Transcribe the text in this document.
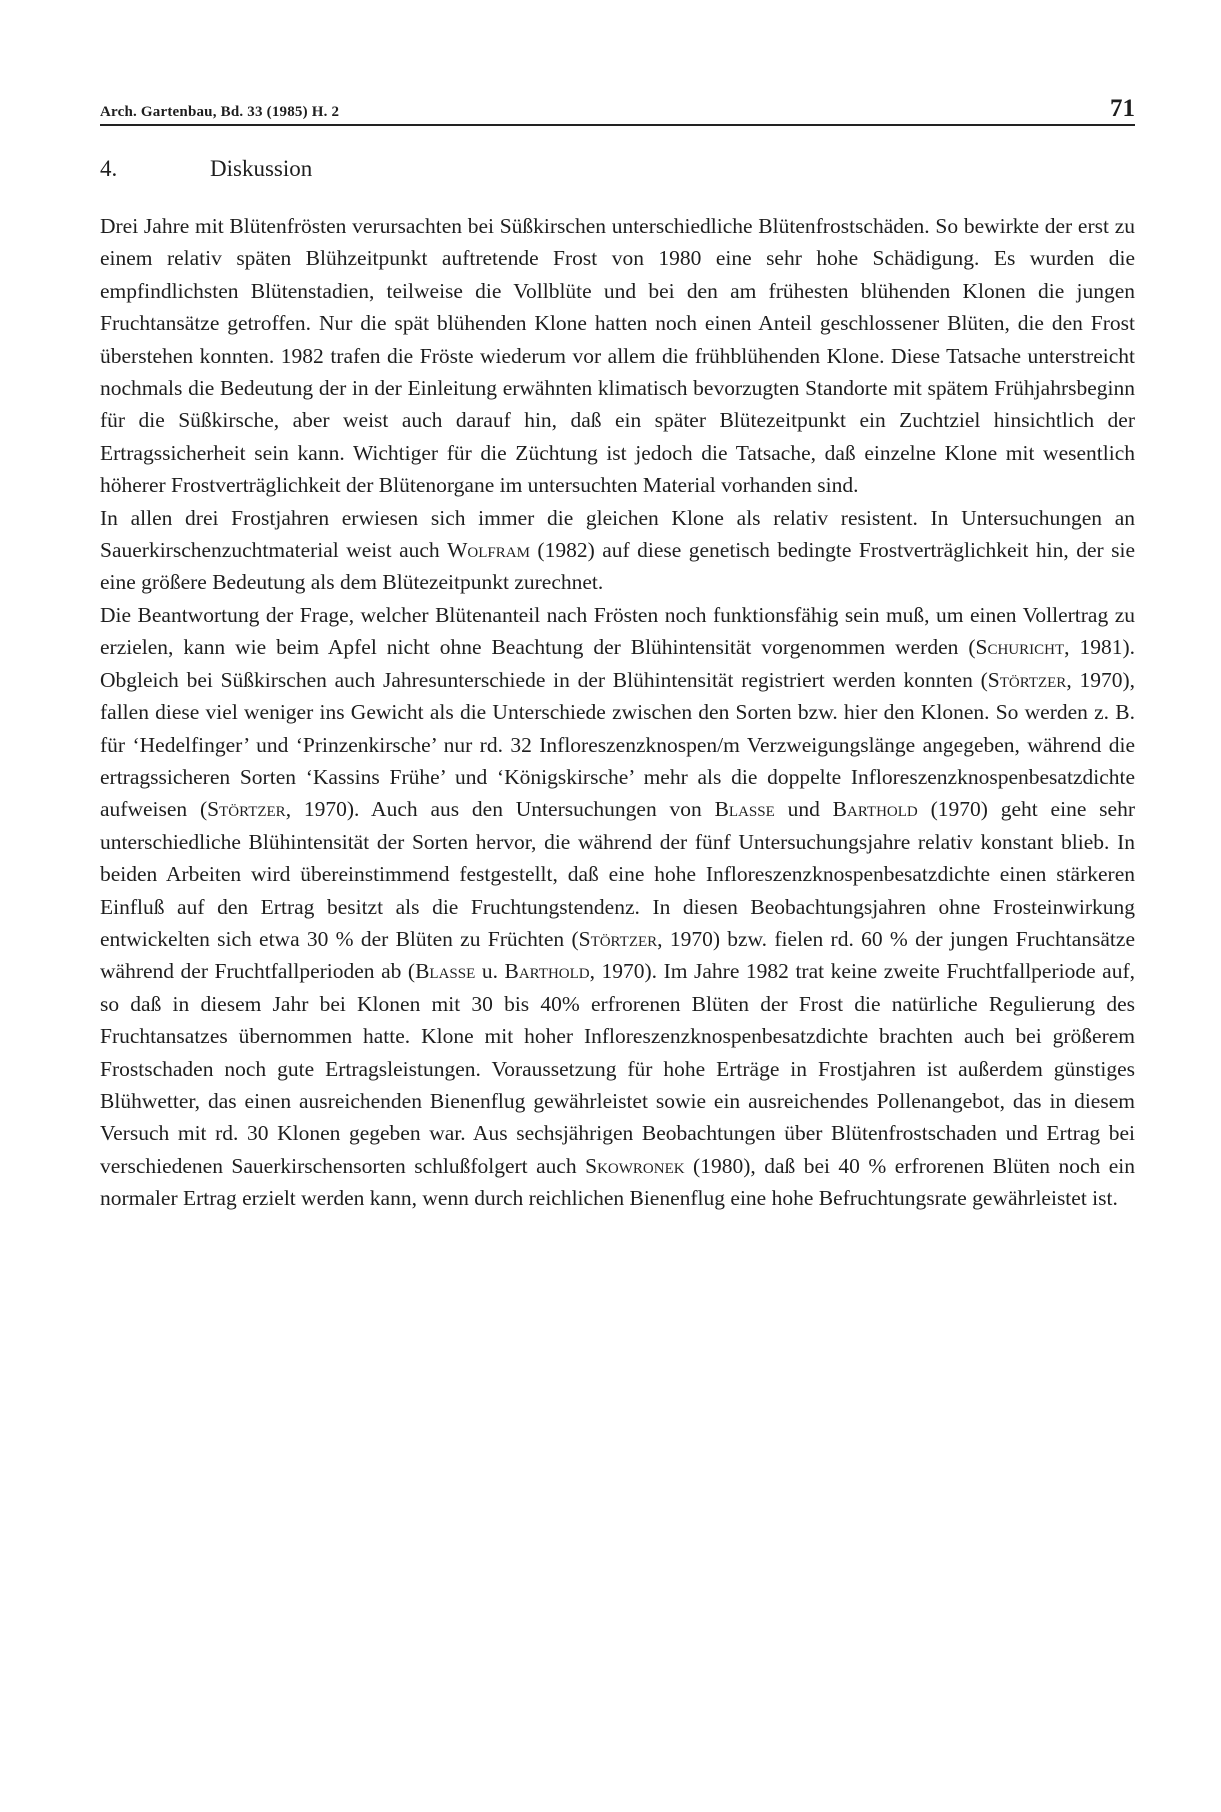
Arch. Gartenbau, Bd. 33 (1985) H. 2	71
4.	Diskussion

Drei Jahre mit Blütenfrösten verursachten bei Süßkirschen unterschiedliche Blütenfrostschäden. So bewirkte der erst zu einem relativ späten Blühzeitpunkt auftretende Frost von 1980 eine sehr hohe Schädigung. Es wurden die empfindlichsten Blütenstadien, teilweise die Vollblüte und bei den am frühesten blühenden Klonen die jungen Fruchtansätze getroffen. Nur die spät blühenden Klone hatten noch einen Anteil geschlossener Blüten, die den Frost überstehen konnten. 1982 trafen die Fröste wiederum vor allem die frühblühenden Klone. Diese Tatsache unterstreicht nochmals die Bedeutung der in der Einleitung erwähnten klimatisch bevorzugten Standorte mit spätem Frühjahrsbeginn für die Süßkirsche, aber weist auch darauf hin, daß ein später Blütezeitpunkt ein Zuchtziel hinsichtlich der Ertragssicherheit sein kann. Wichtiger für die Züchtung ist jedoch die Tatsache, daß einzelne Klone mit wesentlich höherer Frostverträglichkeit der Blütenorgane im untersuchten Material vorhanden sind.

In allen drei Frostjahren erwiesen sich immer die gleichen Klone als relativ resistent. In Untersuchungen an Sauerkirschenzuchtmaterial weist auch Wolfram (1982) auf diese genetisch bedingte Frostverträglichkeit hin, der sie eine größere Bedeutung als dem Blütezeitpunkt zurechnet.

Die Beantwortung der Frage, welcher Blütenanteil nach Frösten noch funktionsfähig sein muß, um einen Vollertrag zu erzielen, kann wie beim Apfel nicht ohne Beachtung der Blühintensität vorgenommen werden (Schuricht, 1981). Obgleich bei Süßkirschen auch Jahresunterschiede in der Blühintensität registriert werden konnten (Störtzer, 1970), fallen diese viel weniger ins Gewicht als die Unterschiede zwischen den Sorten bzw. hier den Klonen. So werden z. B. für ‘Hedelfinger’ und ‘Prinzenkirsche’ nur rd. 32 Infloreszenzknospen/m Verzweigungslänge angegeben, während die ertragssicheren Sorten ‘Kassins Frühe’ und ‘Königskirsche’ mehr als die doppelte Infloreszenzknospenbesatzdichte aufweisen (Störtzer, 1970). Auch aus den Untersuchungen von Blasse und Barthold (1970) geht eine sehr unterschiedliche Blühintensität der Sorten hervor, die während der fünf Untersuchungsjahre relativ konstant blieb. In beiden Arbeiten wird übereinstimmend festgestellt, daß eine hohe Infloreszenzknospenbesatzdichte einen stärkeren Einfluß auf den Ertrag besitzt als die Fruchtungstendenz. In diesen Beobachtungsjahren ohne Frosteinwirkung entwickelten sich etwa 30 % der Blüten zu Früchten (Störtzer, 1970) bzw. fielen rd. 60 % der jungen Fruchtansätze während der Fruchtfallperioden ab (Blasse u. Barthold, 1970). Im Jahre 1982 trat keine zweite Fruchtfallperiode auf, so daß in diesem Jahr bei Klonen mit 30 bis 40% erfrorenen Blüten der Frost die natürliche Regulierung des Fruchtansatzes übernommen hatte. Klone mit hoher Infloreszenzknospenbesatzdichte brachten auch bei größerem Frostschaden noch gute Ertragsleistungen. Voraussetzung für hohe Erträge in Frostjahren ist außerdem günstiges Blühwetter, das einen ausreichenden Bienenflug gewährleistet sowie ein ausreichendes Pollenangebot, das in diesem Versuch mit rd. 30 Klonen gegeben war. Aus sechsjährigen Beobachtungen über Blütenfrostschaden und Ertrag bei verschiedenen Sauerkirschensorten schlußfolgert auch Skowronek (1980), daß bei 40 % erfrorenen Blüten noch ein normaler Ertrag erzielt werden kann, wenn durch reichlichen Bienenflug eine hohe Befruchtungsrate gewährleistet ist.
